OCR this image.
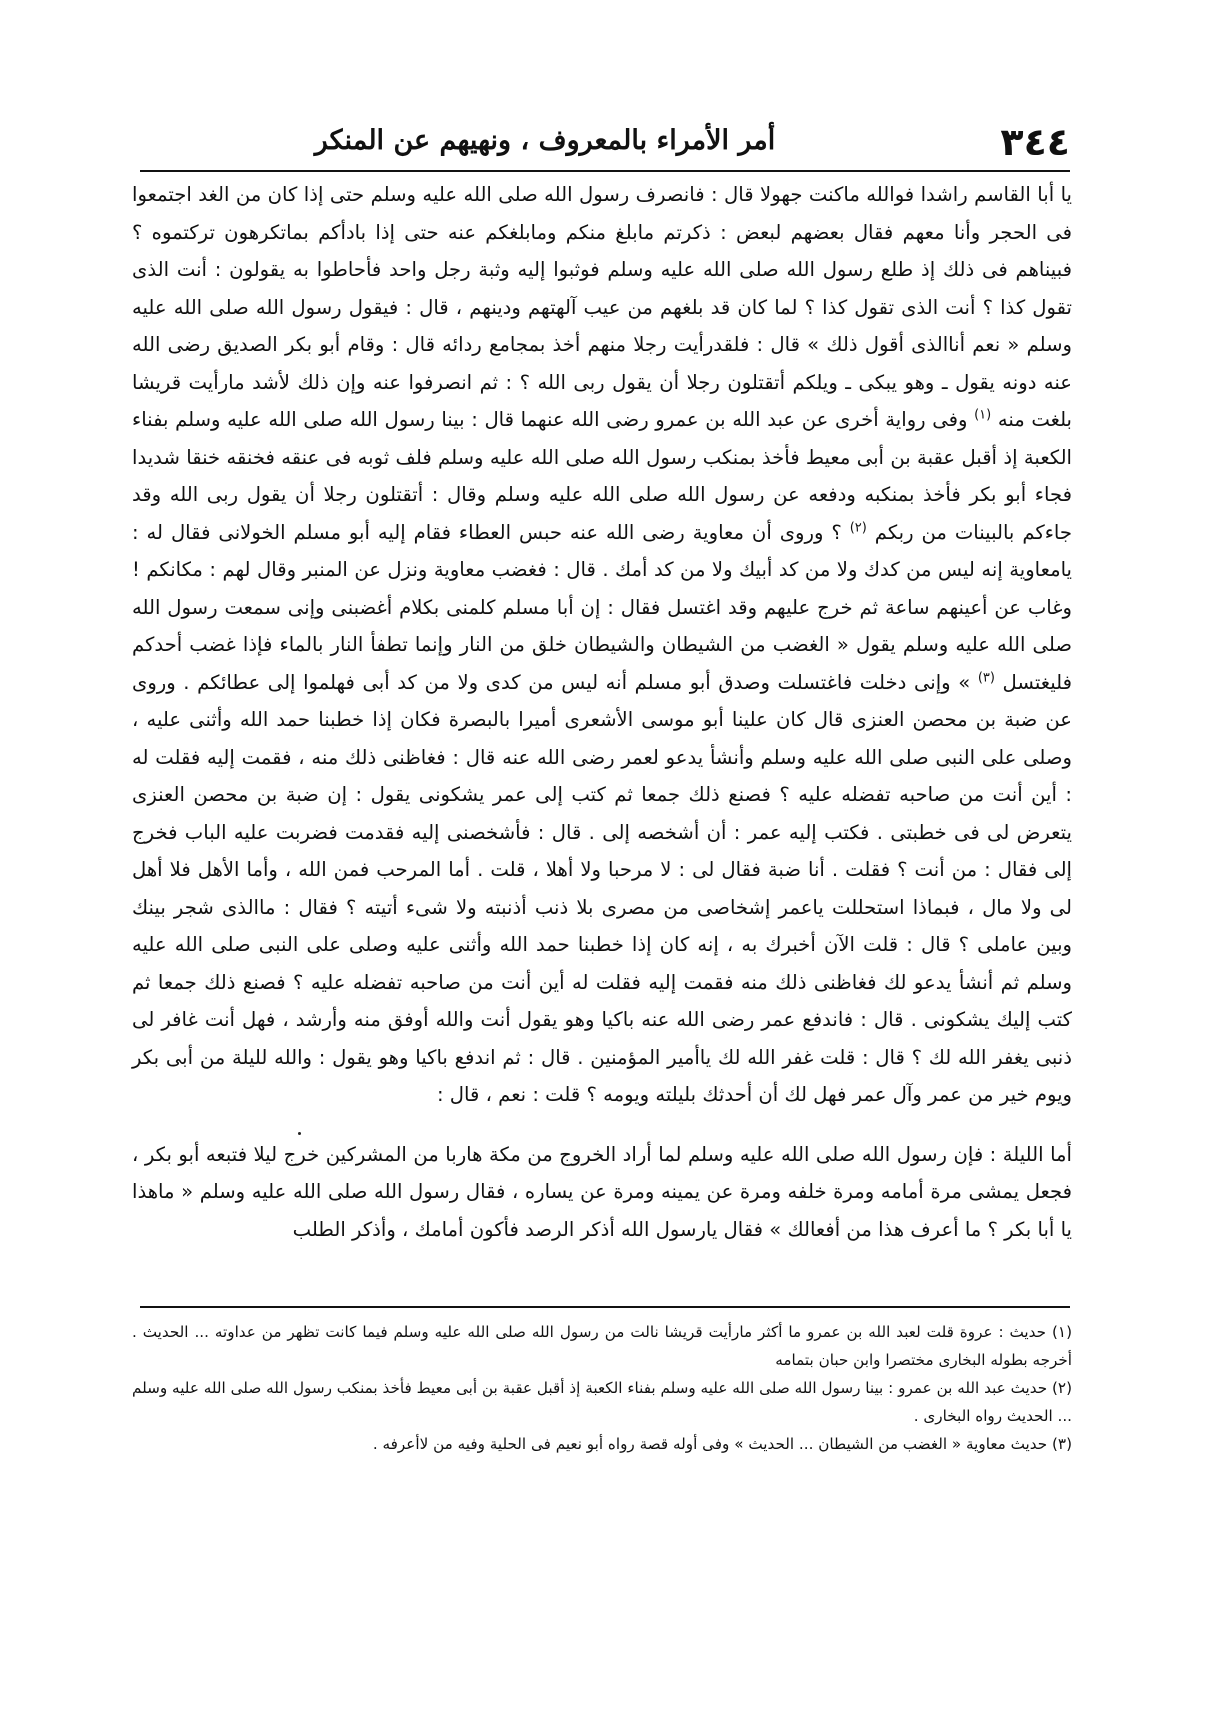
٣٤٤
أمر الأمراء بالمعروف ، ونهيهم عن المنكر

يا أبا القاسم راشدا فوالله ماكنت جهولا قال : فانصرف رسول الله صلى الله عليه وسلم حتى إذا كان من الغد اجتمعوا فى الحجر وأنا معهم فقال بعضهم لبعض : ذكرتم مابلغ منكم ومابلغكم عنه حتى إذا بادأكم بماتكرهون تركتموه ؟ فبيناهم فى ذلك إذ طلع رسول الله صلى الله عليه وسلم فوثبوا إليه وثبة رجل واحد فأحاطوا به يقولون : أنت الذى تقول كذا ؟ أنت الذى تقول كذا ؟ لما كان قد بلغهم من عيب آلهتهم ودينهم ، قال : فيقول رسول الله صلى الله عليه وسلم « نعم أناالذى أقول ذلك » قال : فلقدرأيت رجلا منهم أخذ بمجامع ردائه قال : وقام أبو بكر الصديق رضى الله عنه دونه يقول ـ وهو يبكى ـ ويلكم أتقتلون رجلا أن يقول ربى الله ؟ : ثم انصرفوا عنه وإن ذلك لأشد مارأيت قريشا بلغت منه $^{(١)}$ وفى رواية أخرى عن عبد الله بن عمرو رضى الله عنهما قال : بينا رسول الله صلى الله عليه وسلم بفناء الكعبة إذ أقبل عقبة بن أبى معيط فأخذ بمنكب رسول الله صلى الله عليه وسلم فلف ثوبه فى عنقه فخنقه خنقا شديدا فجاء أبو بكر فأخذ بمنكبه ودفعه عن رسول الله صلى الله عليه وسلم وقال : أتقتلون رجلا أن يقول ربى الله وقد جاءكم بالبينات من ربكم $^{(٢)}$ ؟ وروى أن معاوية رضى الله عنه حبس العطاء فقام إليه أبو مسلم الخولانى فقال له : يامعاوية إنه ليس من كدك ولا من كد أبيك ولا من كد أمك . قال : فغضب معاوية ونزل عن المنبر وقال لهم : مكانكم ! وغاب عن أعينهم ساعة ثم خرج عليهم وقد اغتسل فقال : إن أبا مسلم كلمنى بكلام أغضبنى وإنى سمعت رسول الله صلى الله عليه وسلم يقول « الغضب من الشيطان والشيطان خلق من النار وإنما تطفأ النار بالماء فإذا غضب أحدكم فليغتسل $^{(٣)}$ » وإنى دخلت فاغتسلت وصدق أبو مسلم أنه ليس من كدى ولا من كد أبى فهلموا إلى عطائكم . وروى عن ضبة بن محصن العنزى قال كان علينا أبو موسى الأشعرى أميرا بالبصرة فكان إذا خطبنا حمد الله وأثنى عليه ، وصلى على النبى صلى الله عليه وسلم وأنشأ يدعو لعمر رضى الله عنه قال : فغاظنى ذلك منه ، فقمت إليه فقلت له : أين أنت من صاحبه تفضله عليه ؟ فصنع ذلك جمعا ثم كتب إلى عمر يشكونى يقول : إن ضبة بن محصن العنزى يتعرض لى فى خطبتى . فكتب إليه عمر : أن أشخصه إلى . قال : فأشخصنى إليه فقدمت فضربت عليه الباب فخرج إلى فقال : من أنت ؟ فقلت . أنا ضبة فقال لى : لا مرحبا ولا أهلا ، قلت . أما المرحب فمن الله ، وأما الأهل فلا أهل لى ولا مال ، فبماذا استحللت ياعمر إشخاصى من مصرى بلا ذنب أذنبته ولا شىء أتيته ؟ فقال : ماالذى شجر بينك وبين عاملى ؟ قال : قلت الآن أخبرك به ، إنه كان إذا خطبنا حمد الله وأثنى عليه وصلى على النبى صلى الله عليه وسلم ثم أنشأ يدعو لك فغاظنى ذلك منه فقمت إليه فقلت له أين أنت من صاحبه تفضله عليه ؟ فصنع ذلك جمعا ثم كتب إليك يشكونى . قال : فاندفع عمر رضى الله عنه باكيا وهو يقول أنت والله أوفق منه وأرشد ، فهل أنت غافر لى ذنبى يغفر الله لك ؟ قال : قلت غفر الله لك ياأمير المؤمنين . قال : ثم اندفع باكيا وهو يقول : والله لليلة من أبى بكر ويوم خير من عمر وآل عمر فهل لك أن أحدثك بليلته ويومه ؟ قلت : نعم ، قال :

أما الليلة : فإن رسول الله صلى الله عليه وسلم لما أراد الخروج من مكة هاربا من المشركين خرج ليلا فتبعه أبو بكر ، فجعل يمشى مرة أمامه ومرة خلفه ومرة عن يمينه ومرة عن يساره ، فقال رسول الله صلى الله عليه وسلم « ماهذا يا أبا بكر ؟ ما أعرف هذا من أفعالك » فقال يارسول الله أذكر الرصد فأكون أمامك ، وأذكر الطلب

(١) حديث : عروة قلت لعبد الله بن عمرو ما أكثر مارأيت قريشا نالت من رسول الله صلى الله عليه وسلم فيما كانت تظهر من عداوته ... الحديث . أخرجه بطوله البخارى مختصرا وابن حبان بتمامه

(٢) حديث عبد الله بن عمرو : بينا رسول الله صلى الله عليه وسلم بفناء الكعبة إذ أقبل عقبة بن أبى معيط فأخذ بمنكب رسول الله صلى الله عليه وسلم ... الحديث رواه البخارى .

(٣) حديث معاوية « الغضب من الشيطان ... الحديث » وفى أوله قصة رواه أبو نعيم فى الحلية وفيه من لاأعرفه .
